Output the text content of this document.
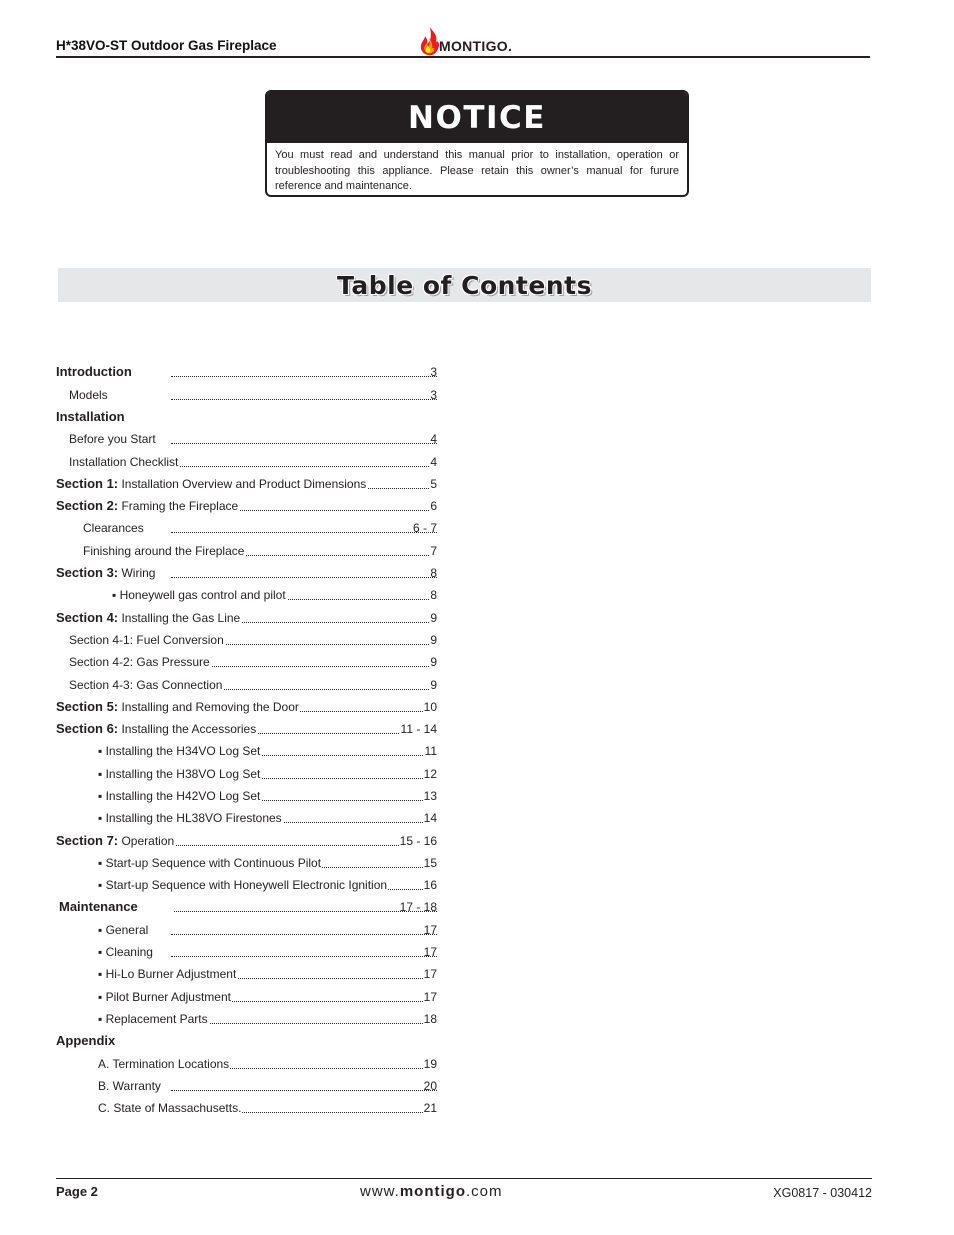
H*38VO-ST Outdoor Gas Fireplace	MONTIGO.
NOTICE
You must read and understand this manual prior to installation, operation or troubleshooting this appliance. Please retain this owner’s manual for furure reference and maintenance.
Table of Contents
Introduction	3
Models	3
Installation
Before you Start	4
Installation Checklist	4
Section 1: Installation Overview and Product Dimensions	5
Section 2: Framing the Fireplace	6
Clearances	6 - 7
Finishing around the Fireplace	7
Section 3: Wiring	8
▪ Honeywell gas control and pilot	8
Section 4: Installing the Gas Line	9
Section 4-1: Fuel Conversion	9
Section 4-2: Gas Pressure	9
Section 4-3: Gas Connection	9
Section 5: Installing and Removing the Door	10
Section 6: Installing the Accessories	11 - 14
▪ Installing the H34VO Log Set	11
▪ Installing the H38VO Log Set	12
▪ Installing the H42VO Log Set	13
▪ Installing the HL38VO Firestones	14
Section 7: Operation	15 - 16
▪ Start-up Sequence with Continuous Pilot	15
▪ Start-up Sequence with Honeywell Electronic Ignition	16
Maintenance	17 - 18
▪ General	17
▪ Cleaning	17
▪ Hi-Lo Burner Adjustment	17
▪ Pilot Burner Adjustment	17
▪ Replacement Parts	18
Appendix
A. Termination Locations	19
B. Warranty	20
C. State of Massachusetts.	21
Page 2	www.montigo.com	XG0817 - 030412
